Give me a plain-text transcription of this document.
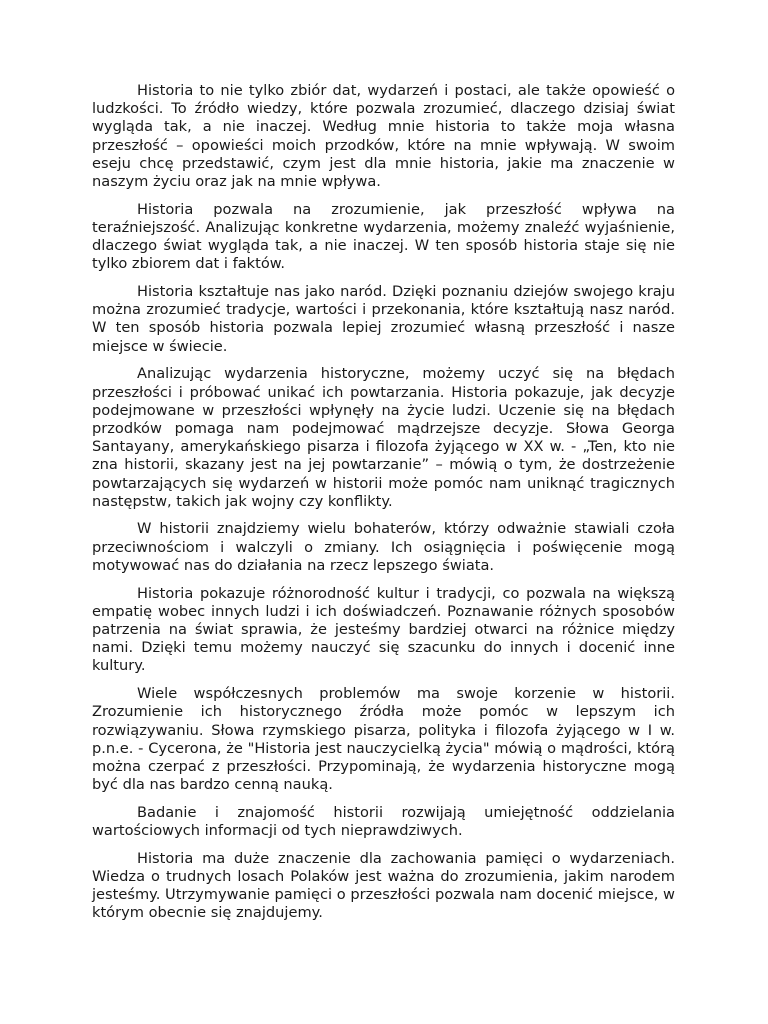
Historia to nie tylko zbiór dat, wydarzeń i postaci, ale także opowieść o ludzkości. To źródło wiedzy, które pozwala zrozumieć, dlaczego dzisiaj świat wygląda tak, a nie inaczej. Według mnie historia to także moja własna przeszłość – opowieści moich przodków, które na mnie wpływają. W swoim eseju chcę przedstawić, czym jest dla mnie historia, jakie ma znaczenie w naszym życiu oraz jak na mnie wpływa.

Historia pozwala na zrozumienie, jak przeszłość wpływa na teraźniejszość. Analizując konkretne wydarzenia, możemy znaleźć wyjaśnienie, dlaczego świat wygląda tak, a nie inaczej. W ten sposób historia staje się nie tylko zbiorem dat i faktów.

Historia kształtuje nas jako naród. Dzięki poznaniu dziejów swojego kraju można zrozumieć tradycje, wartości i przekonania, które kształtują nasz naród. W ten sposób historia pozwala lepiej zrozumieć własną przeszłość i nasze miejsce w świecie.

Analizując wydarzenia historyczne, możemy uczyć się na błędach przeszłości i próbować unikać ich powtarzania. Historia pokazuje, jak decyzje podejmowane w przeszłości wpłynęły na życie ludzi. Uczenie się na błędach przodków pomaga nam podejmować mądrzejsze decyzje. Słowa Georga Santayany, amerykańskiego pisarza i filozofa żyjącego w XX w. - „Ten, kto nie zna historii, skazany jest na jej powtarzanie” – mówią o tym, że dostrzeżenie powtarzających się wydarzeń w historii może pomóc nam uniknąć tragicznych następstw, takich jak wojny czy konflikty.

W historii znajdziemy wielu bohaterów, którzy odważnie stawiali czoła przeciwnościom i walczyli o zmiany. Ich osiągnięcia i poświęcenie mogą motywować nas do działania na rzecz lepszego świata.

Historia pokazuje różnorodność kultur i tradycji, co pozwala na większą empatię wobec innych ludzi i ich doświadczeń. Poznawanie różnych sposobów patrzenia na świat sprawia, że jesteśmy bardziej otwarci na różnice między nami. Dzięki temu możemy nauczyć się szacunku do innych i docenić inne kultury.

Wiele współczesnych problemów ma swoje korzenie w historii. Zrozumienie ich historycznego źródła może pomóc w lepszym ich rozwiązywaniu. Słowa rzymskiego pisarza, polityka i filozofa żyjącego w I w. p.n.e. - Cycerona, że "Historia jest nauczycielką życia" mówią o mądrości, którą można czerpać z przeszłości. Przypominają, że wydarzenia historyczne mogą być dla nas bardzo cenną nauką.

Badanie i znajomość historii rozwijają umiejętność oddzielania wartościowych informacji od tych nieprawdziwych.

Historia ma duże znaczenie dla zachowania pamięci o wydarzeniach. Wiedza o trudnych losach Polaków jest ważna do zrozumienia, jakim narodem jesteśmy. Utrzymywanie pamięci o przeszłości pozwala nam docenić miejsce, w którym obecnie się znajdujemy.
